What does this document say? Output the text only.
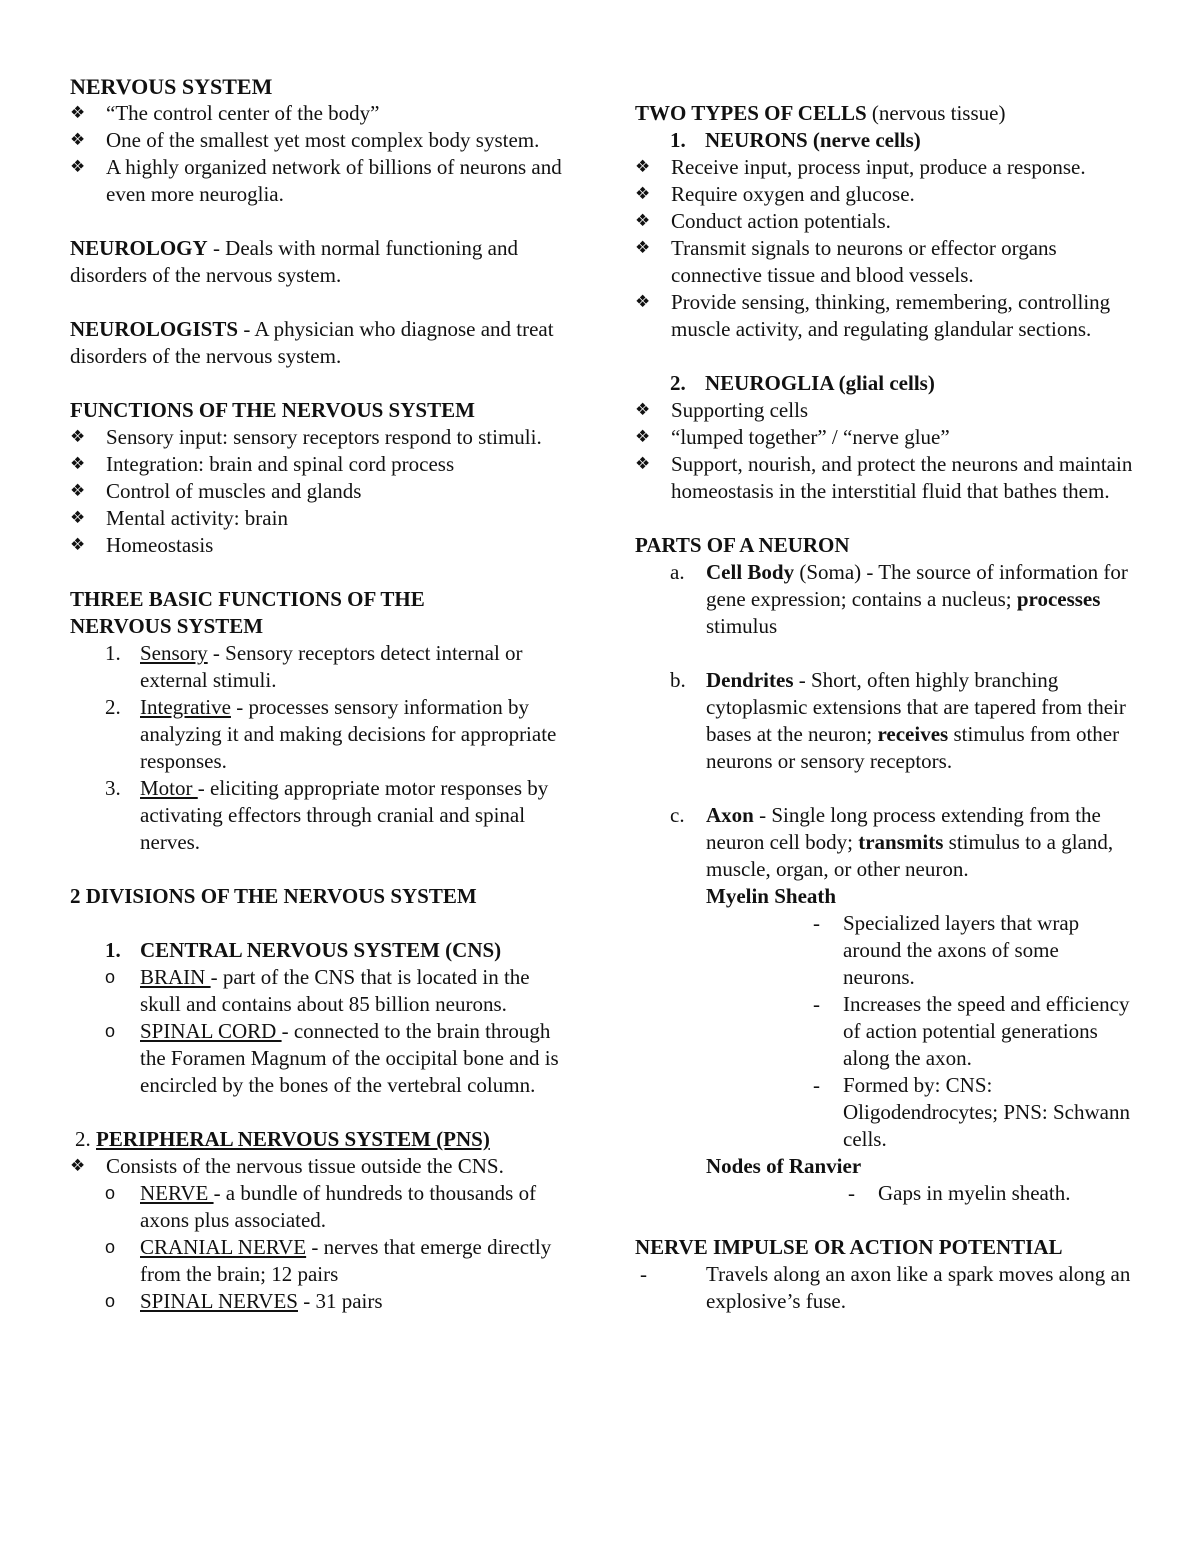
NERVOUS SYSTEM

❖ “The control center of the body”
❖ One of the smallest yet most complex body system.
❖ A highly organized network of billions of neurons and even more neuroglia.

NEUROLOGY - Deals with normal functioning and disorders of the nervous system.

NEUROLOGISTS - A physician who diagnose and treat disorders of the nervous system.

FUNCTIONS OF THE NERVOUS SYSTEM

❖ Sensory input: sensory receptors respond to stimuli.
❖ Integration: brain and spinal cord process
❖ Control of muscles and glands
❖ Mental activity: brain
❖ Homeostasis

THREE BASIC FUNCTIONS OF THE NERVOUS SYSTEM

1. Sensory - Sensory receptors detect internal or external stimuli.
2. Integrative - processes sensory information by analyzing it and making decisions for appropriate responses.
3. Motor - eliciting appropriate motor responses by activating effectors through cranial and spinal nerves.

2 DIVISIONS OF THE NERVOUS SYSTEM

1. CENTRAL NERVOUS SYSTEM (CNS)
o	BRAIN - part of the CNS that is located in the skull and contains about 85 billion neurons.
o	SPINAL CORD - connected to the brain through the Foramen Magnum of the occipital bone and is encircled by the bones of the vertebral column.

2. PERIPHERAL NERVOUS SYSTEM (PNS)

❖ Consists of the nervous tissue outside the CNS.
o	NERVE - a bundle of hundreds to thousands of axons plus associated.
o	CRANIAL NERVE - nerves that emerge directly from the brain; 12 pairs
o	SPINAL NERVES - 31 pairs

TWO TYPES OF CELLS (nervous tissue)

1. NEURONS (nerve cells)
❖ Receive input, process input, produce a response.
❖ Require oxygen and glucose.
❖ Conduct action potentials.
❖ Transmit signals to neurons or effector organs connective tissue and blood vessels.
❖ Provide sensing, thinking, remembering, controlling muscle activity, and regulating glandular sections.
2. NEUROGLIA (glial cells)
❖ Supporting cells
❖ “lumped together” / “nerve glue”
❖ Support, nourish, and protect the neurons and maintain homeostasis in the interstitial fluid that bathes them.

PARTS OF A NEURON

a.	Cell Body (Soma) - The source of information for gene expression; contains a nucleus; processes stimulus
b. Dendrites - Short, often highly branching cytoplasmic extensions that are tapered from their bases at the neuron; receives stimulus from other neurons or sensory receptors.
c.	Axon - Single long process extending from the neuron cell body; transmits stimulus to a gland, muscle, organ, or other neuron.

Myelin Sheath

-	Specialized layers that wrap around the axons of some neurons.
-	Increases the speed and efficiency of action potential generations along the axon.
-	Formed by: CNS: Oligodendrocytes; PNS: Schwann cells.

Nodes of Ranvier

-	Gaps in myelin sheath.

NERVE IMPULSE OR ACTION POTENTIAL

-	Travels along an axon like a spark moves along an explosive’s fuse.
